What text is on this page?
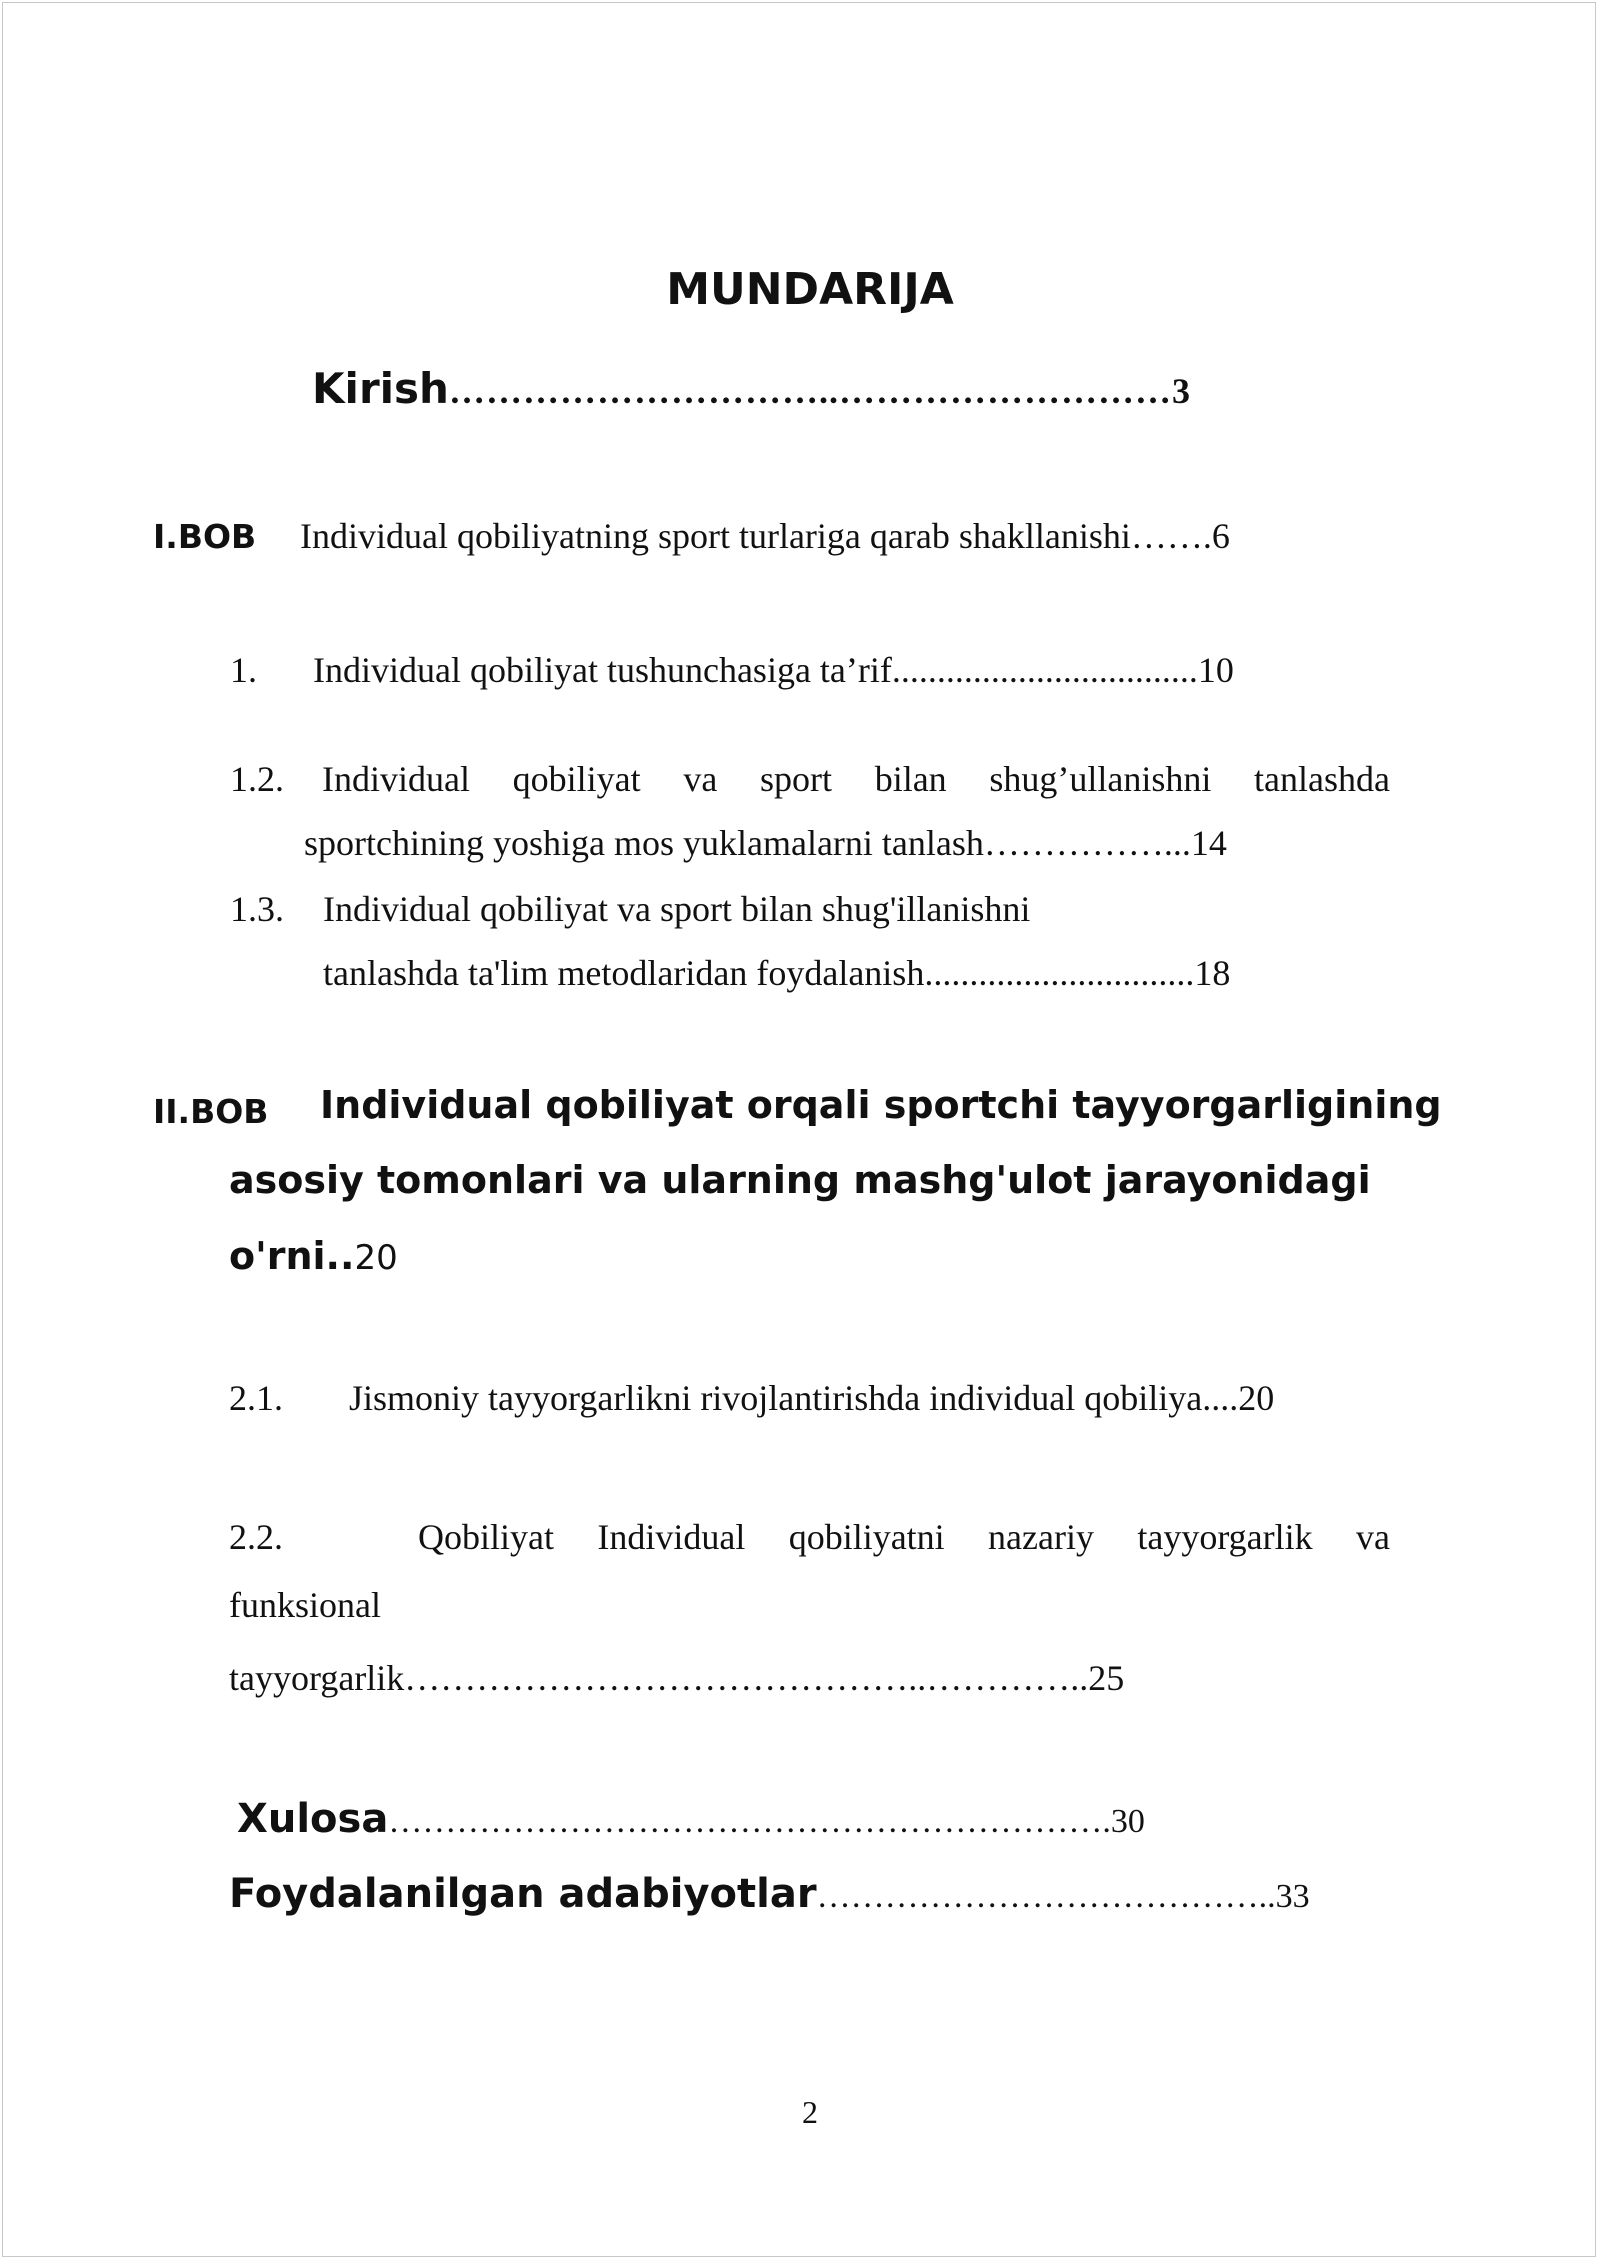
MUNDARIJA
Kirish…………………………..………………………3
I.BOB Individual qobiliyatning sport turlariga qarab shakllanishi…….6
1. Individual qobiliyat tushunchasiga ta’rif..................................10
1.2. Individual qobiliyat va sport bilan shug’ullanishni tanlashda
sportchining yoshiga mos yuklamalarni tanlash……………...14
1.3. Individual qobiliyat va sport bilan shug'illanishni
tanlashda ta'lim metodlaridan foydalanish..............................18
II.BOB Individual qobiliyat orqali sportchi tayyorgarligining
asosiy tomonlari va ularning mashg'ulot jarayonidagi
o'rni..20
2.1. Jismoniy tayyorgarlikni rivojlantirishda individual qobiliya....20
2.2.	Qobiliyat Individual qobiliyatni nazariy tayyorgarlik va
funksional
tayyorgarlik……………………………………..…………..25
Xulosa……………………………………………………….30
Foydalanilgan adabiyotlar…………………………………..33
2
